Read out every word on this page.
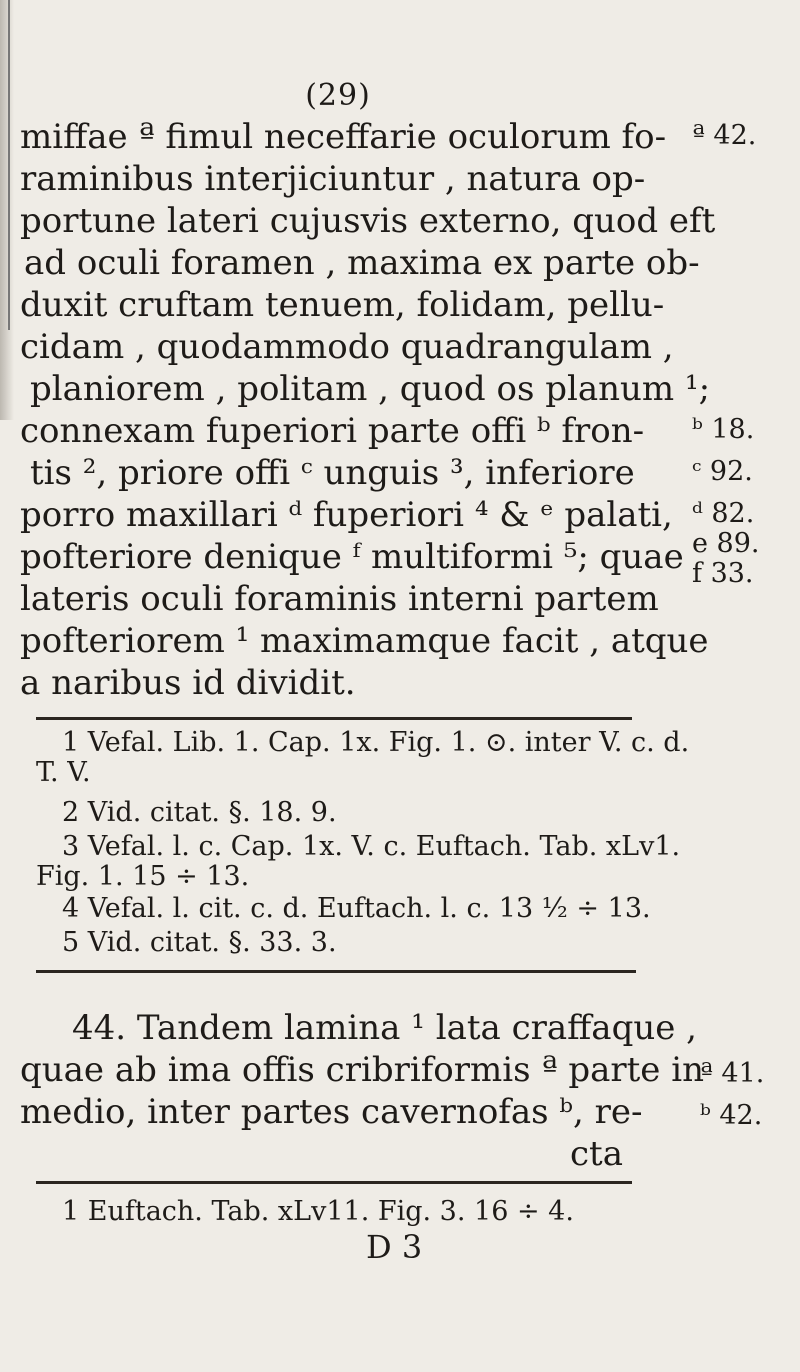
(29)
miffae ª fimul neceffarie oculorum fo-
raminibus interjiciuntur , natura op-
portune lateri cujusvis externo, quod eft
ad oculi foramen , maxima ex parte ob-
duxit cruftam tenuem, folidam, pellu-
cidam , quodammodo quadrangulam ,
planiorem , politam , quod os planum ¹;
connexam fuperiori parte offi ᵇ fron-
tis ², priore offi ᶜ unguis ³, inferiore
porro maxillari ᵈ fuperiori ⁴ & ᵉ palati,
pofteriore denique ᶠ multiformi ⁵; quae
lateris oculi foraminis interni partem
pofteriorem ¹ maximamque facit , atque
a naribus id dividit.
ª 42.
ᵇ 18.
ᶜ 92.
ᵈ 82.
e 89.
f 33.
1 Vefal. Lib. 1. Cap. 1x. Fig. 1. ⊙. inter V. c. d.
T. V.
2 Vid. citat. §. 18. 9.
3 Vefal. l. c. Cap. 1x. V. c. Euftach. Tab. xLv1.
Fig. 1. 15 ÷ 13.
4 Vefal. l. cit. c. d. Euftach. l. c. 13 ¹⁄₂ ÷ 13.
5 Vid. citat. §. 33. 3.
44. Tandem lamina ¹ lata craffaque ,
quae ab ima offis cribriformis ª parte in
medio, inter partes cavernofas ᵇ, re-
cta
ª 41.
ᵇ 42.
1 Euftach. Tab. xLv11. Fig. 3. 16 ÷ 4.
D 3
